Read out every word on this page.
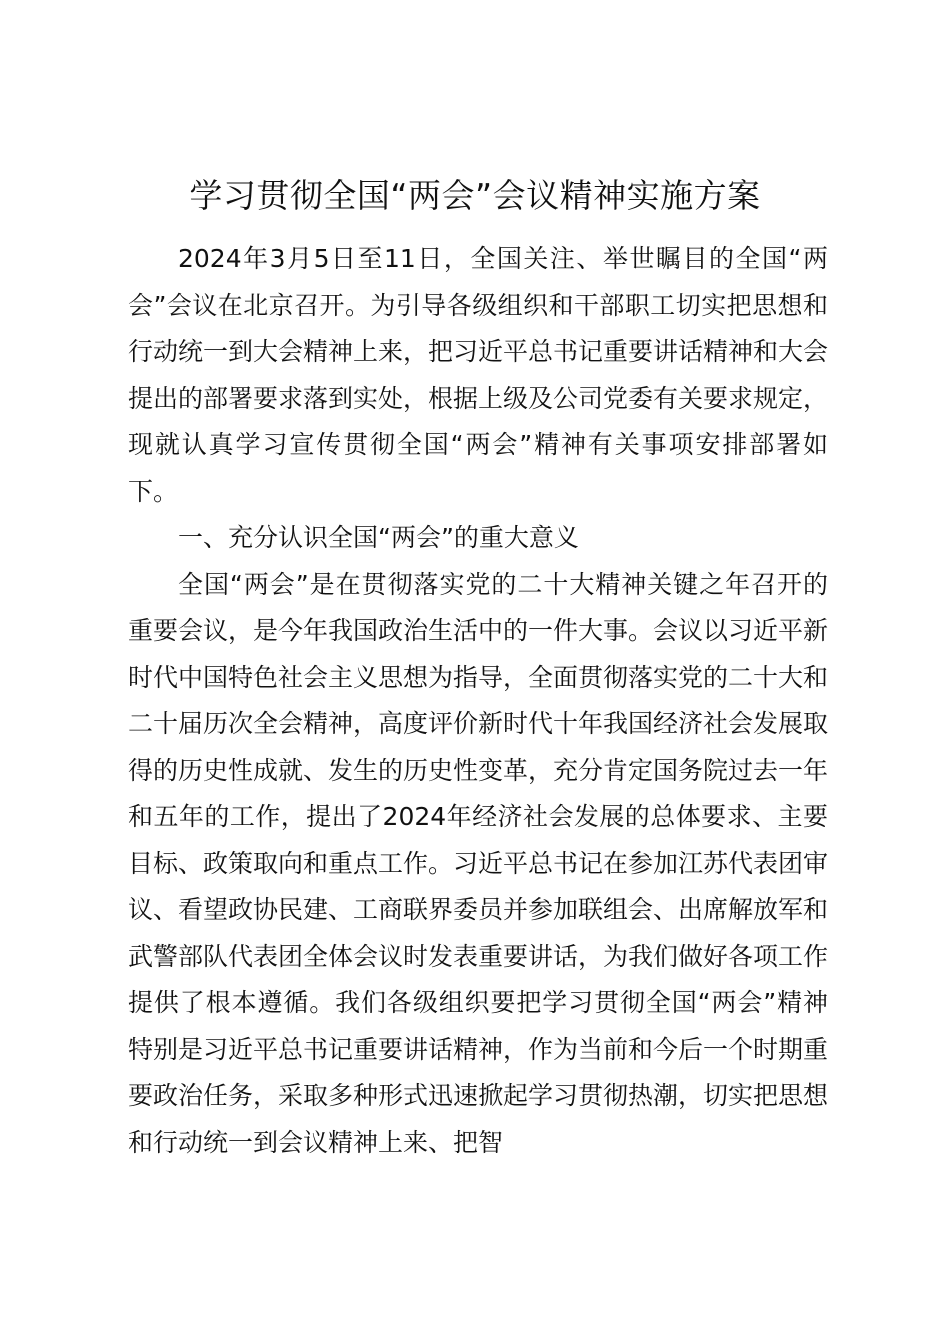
学习贯彻全国“两会”会议精神实施方案

2024年3月5日至11日，全国关注、举世瞩目的全国“两会”会议在北京召开。为引导各级组织和干部职工切实把思想和行动统一到大会精神上来，把习近平总书记重要讲话精神和大会提出的部署要求落到实处，根据上级及公司党委有关要求规定，现就认真学习宣传贯彻全国“两会”精神有关事项安排部署如下。

一、充分认识全国“两会”的重大意义

全国“两会”是在贯彻落实党的二十大精神关键之年召开的重要会议，是今年我国政治生活中的一件大事。会议以习近平新时代中国特色社会主义思想为指导，全面贯彻落实党的二十大和二十届历次全会精神，高度评价新时代十年我国经济社会发展取得的历史性成就、发生的历史性变革，充分肯定国务院过去一年和五年的工作，提出了2024年经济社会发展的总体要求、主要目标、政策取向和重点工作。习近平总书记在参加江苏代表团审议、看望政协民建、工商联界委员并参加联组会、出席解放军和武警部队代表团全体会议时发表重要讲话，为我们做好各项工作提供了根本遵循。我们各级组织要把学习贯彻全国“两会”精神特别是习近平总书记重要讲话精神，作为当前和今后一个时期重要政治任务，采取多种形式迅速掀起学习贯彻热潮，切实把思想和行动统一到会议精神上来、把智
